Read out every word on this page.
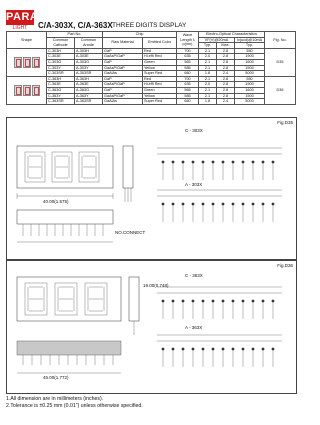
PARA
LIGHT	C/A-303X, C/A-363X THREE DIGITS DISPLAY
Shape	Part No.		Chip		Wave Length λ p(nm)	Electro-Optical Characteristics			Fig. No.
	Common Cathode	Common Anode	Raw Material	Emitted Color		VF(V)@20mA		Iv(ucd)@10mA	
						Typ.	Max.	Typ.	

	C-303H	A-303H	GaP	Red	700	2.1	2.8	550	D35
	C-303E	A-303E	GaAsP/GaP	Hi.effi Red	635	2.0	2.8	1900	
	C-303G	A-303G	GaP	Green	565	2.1	2.8	1600	
	C-303Y	A-303Y	GaAsP/GaP	Yellow	585	2.1	2.8	1500	
	C-303SR	A-303SR	GaAlAs	Super Red	660	1.8	2.4	5000	

	C-363H	A-363H	GaP	Red	700	2.1	2.8	550	D36
	C-363E	A-363E	GaAsP/GaP	Hi.effi Red	635	2.0	2.8	1900	
	C-363G	A-363G	GaP	Green	565	2.1	2.8	1600	
	C-363Y	A-363Y	GaAsP/GaP	Yellow	585	2.1	2.8	1500	
	C-363SR	A-363SR	GaAlAs	Super Red	660	1.8	2.4	5000	
Fig.D35
C - 303X
A - 303X
40.00(1.575)
NO.CONNECT
Fig.D36
C - 363X
A - 363X
45.00(1.772)
19.00(0.748)
1.All dimension are in millimeters (inches).
2.Tolerance is ±0.25 mm (0.01") unless otherwise specified.
